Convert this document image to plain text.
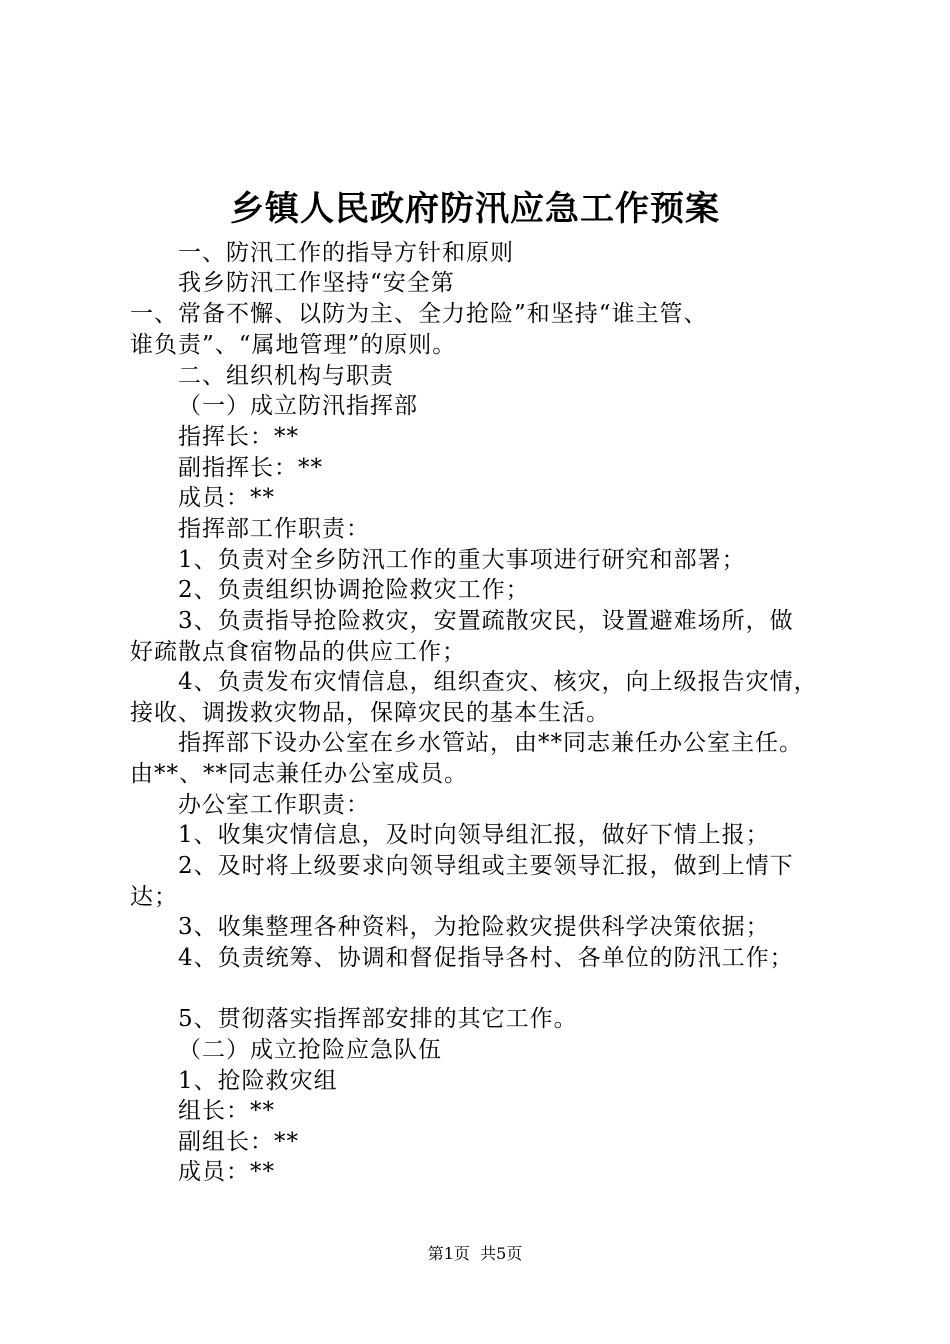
乡镇人民政府防汛应急工作预案
一、防汛工作的指导方针和原则
我乡防汛工作坚持“安全第
一、常备不懈、以防为主、全力抢险”和坚持“谁主管、
谁负责”、“属地管理”的原则。
二、组织机构与职责
（一）成立防汛指挥部
指挥长：**
副指挥长：**
成员：**
指挥部工作职责：
1、负责对全乡防汛工作的重大事项进行研究和部署；
2、负责组织协调抢险救灾工作；
3、负责指导抢险救灾，安置疏散灾民，设置避难场所，做
好疏散点食宿物品的供应工作；
4、负责发布灾情信息，组织查灾、核灾，向上级报告灾情，
接收、调拨救灾物品，保障灾民的基本生活。
指挥部下设办公室在乡水管站，由**同志兼任办公室主任。
由**、**同志兼任办公室成员。
办公室工作职责：
1、收集灾情信息，及时向领导组汇报，做好下情上报；
2、及时将上级要求向领导组或主要领导汇报，做到上情下
达；
3、收集整理各种资料，为抢险救灾提供科学决策依据；
4、负责统筹、协调和督促指导各村、各单位的防汛工作；
5、贯彻落实指挥部安排的其它工作。
（二）成立抢险应急队伍
1、抢险救灾组
组长：**
副组长：**
成员：**
第1页 共5页
